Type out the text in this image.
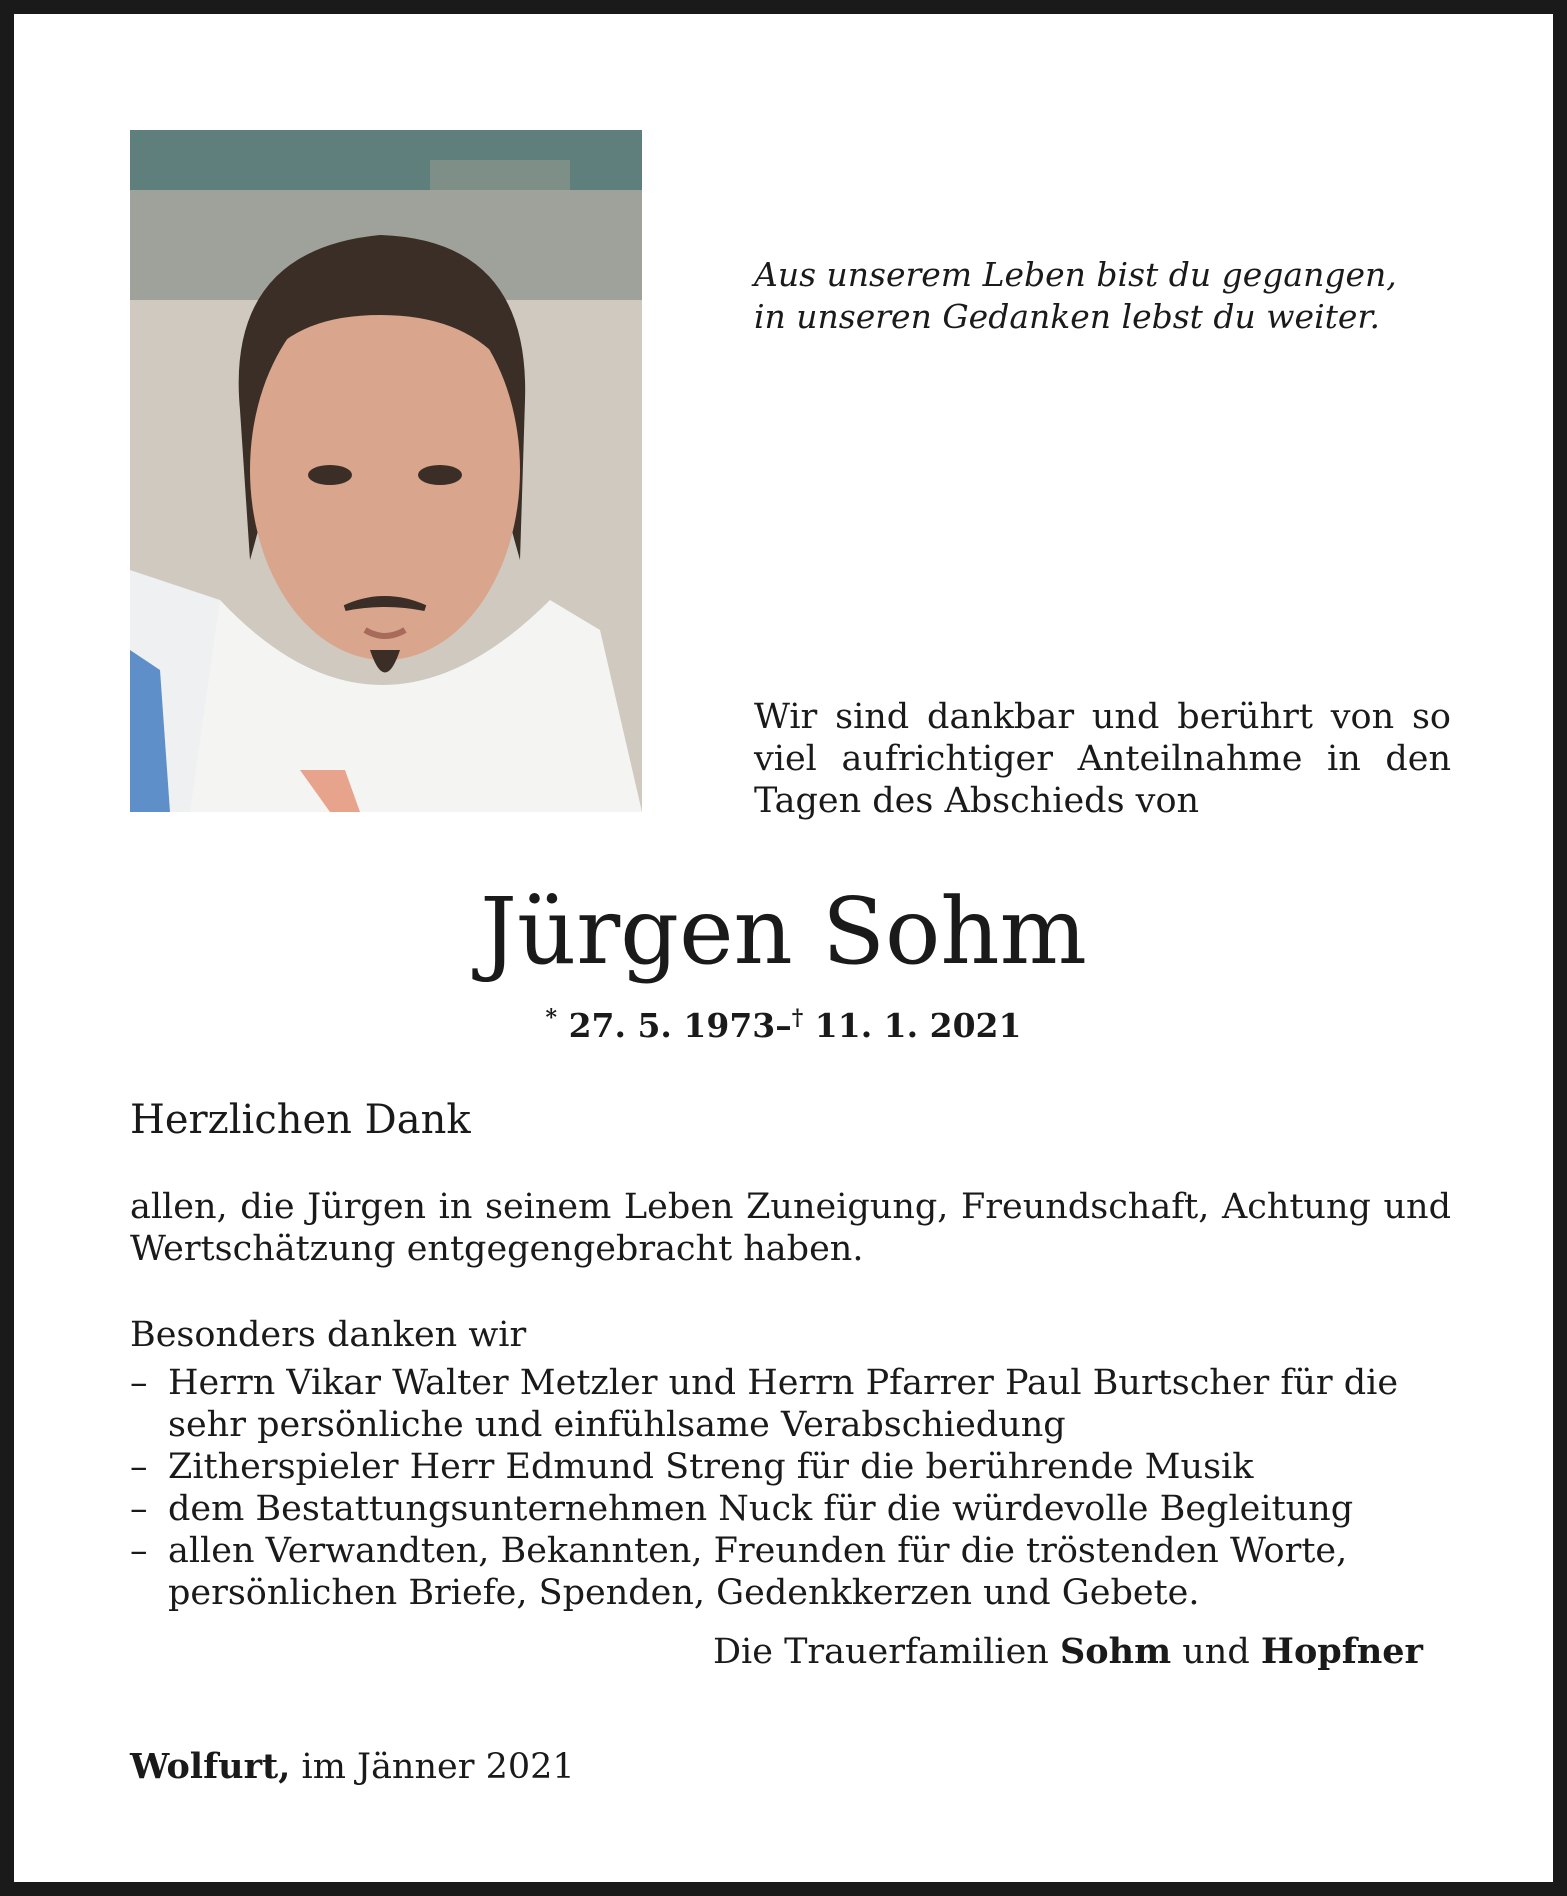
Aus unserem Leben bist du gegangen,
in unseren Gedanken lebst du weiter.
Wir sind dankbar und berührt von so
viel aufrichtiger Anteilnahme in den
Tagen des Abschieds von
Jürgen Sohm
* 27. 5. 1973–† 11. 1. 2021
Herzlichen Dank
allen, die Jürgen in seinem Leben Zuneigung, Freundschaft, Achtung und
Wertschätzung entgegengebracht haben.
Besonders danken wir
– Herrn Vikar Walter Metzler und Herrn Pfarrer Paul Burtscher für die sehr persönliche und einfühlsame Verabschiedung
– Zitherspieler Herr Edmund Streng für die berührende Musik
– dem Bestattungsunternehmen Nuck für die würdevolle Begleitung
– allen Verwandten, Bekannten, Freunden für die tröstenden Worte, persönlichen Briefe, Spenden, Gedenkkerzen und Gebete.
Die Trauerfamilien Sohm und Hopfner
Wolfurt, im Jänner 2021
